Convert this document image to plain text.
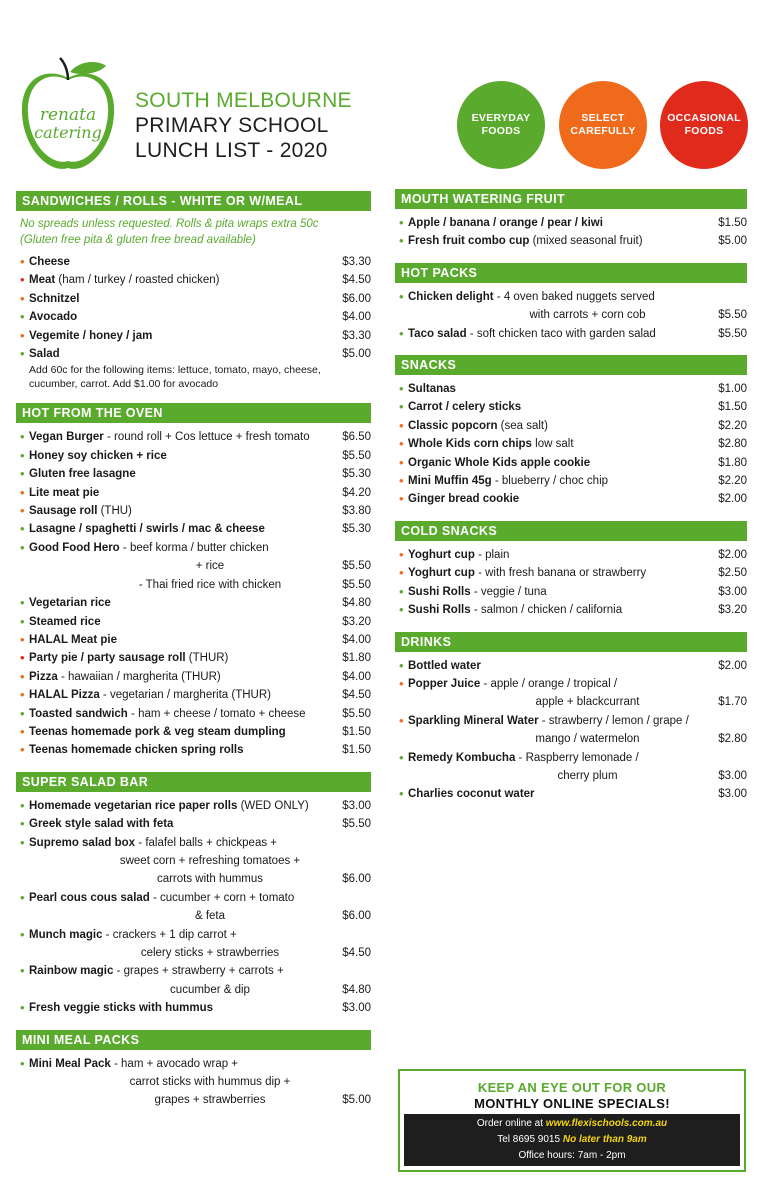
renata
catering
SOUTH MELBOURNE
PRIMARY SCHOOL
LUNCH LIST - 2020
EVERYDAY
FOODS
SELECT
CAREFULLY
OCCASIONAL
FOODS
SANDWICHES / ROLLS - WHITE OR W/MEAL
No spreads unless requested. Rolls & pita wraps extra 50c
(Gluten free pita & gluten free bread available)
• Cheese	$3.30
• Meat (ham / turkey / roasted chicken)	$4.50
• Schnitzel	$6.00
• Avocado	$4.00
• Vegemite / honey / jam	$3.30
• Salad	$5.00
Add 60c for the following items: lettuce, tomato, mayo, cheese,
cucumber, carrot. Add $1.00 for avocado
HOT FROM THE OVEN
• Vegan Burger - round roll + Cos lettuce + fresh tomato	$6.50
• Honey soy chicken + rice	$5.50
• Gluten free lasagne	$5.30
• Lite meat pie	$4.20
• Sausage roll (THU)	$3.80
• Lasagne / spaghetti / swirls / mac & cheese	$5.30
• Good Food Hero - beef korma / butter chicken
+ rice	$5.50
- Thai fried rice with chicken	$5.50
• Vegetarian rice	$4.80
• Steamed rice	$3.20
• HALAL Meat pie	$4.00
• Party pie / party sausage roll (THUR)	$1.80
• Pizza - hawaiian / margherita (THUR)	$4.00
• HALAL Pizza - vegetarian / margherita (THUR)	$4.50
• Toasted sandwich - ham + cheese / tomato + cheese	$5.50
• Teenas homemade pork & veg steam dumpling	$1.50
• Teenas homemade chicken spring rolls	$1.50
SUPER SALAD BAR
• Homemade vegetarian rice paper rolls (WED ONLY)	$3.00
• Greek style salad with feta	$5.50
• Supremo salad box - falafel balls + chickpeas +
sweet corn + refreshing tomatoes +
carrots with hummus	$6.00
• Pearl cous cous salad - cucumber + corn + tomato
& feta	$6.00
• Munch magic - crackers + 1 dip carrot +
celery sticks + strawberries	$4.50
• Rainbow magic - grapes + strawberry + carrots +
cucumber & dip	$4.80
• Fresh veggie sticks with hummus	$3.00
MINI MEAL PACKS
• Mini Meal Pack - ham + avocado wrap +
carrot sticks with hummus dip +
grapes + strawberries	$5.00
MOUTH WATERING FRUIT
• Apple / banana / orange / pear / kiwi	$1.50
• Fresh fruit combo cup (mixed seasonal fruit)	$5.00
HOT PACKS
• Chicken delight - 4 oven baked nuggets served
with carrots + corn cob	$5.50
• Taco salad - soft chicken taco with garden salad	$5.50
SNACKS
• Sultanas	$1.00
• Carrot / celery sticks	$1.50
• Classic popcorn (sea salt)	$2.20
• Whole Kids corn chips low salt	$2.80
• Organic Whole Kids apple cookie	$1.80
• Mini Muffin 45g - blueberry / choc chip	$2.20
• Ginger bread cookie	$2.00
COLD SNACKS
• Yoghurt cup - plain	$2.00
• Yoghurt cup - with fresh banana or strawberry	$2.50
• Sushi Rolls - veggie / tuna	$3.00
• Sushi Rolls - salmon / chicken / california	$3.20
DRINKS
• Bottled water	$2.00
• Popper Juice - apple / orange / tropical /
apple + blackcurrant	$1.70
• Sparkling Mineral Water - strawberry / lemon / grape /
mango / watermelon	$2.80
• Remedy Kombucha - Raspberry lemonade /
cherry plum	$3.00
• Charlies coconut water	$3.00
KEEP AN EYE OUT FOR OUR
MONTHLY ONLINE SPECIALS!
Order online at www.flexischools.com.au
Tel 8695 9015 No later than 9am
Office hours: 7am - 2pm
